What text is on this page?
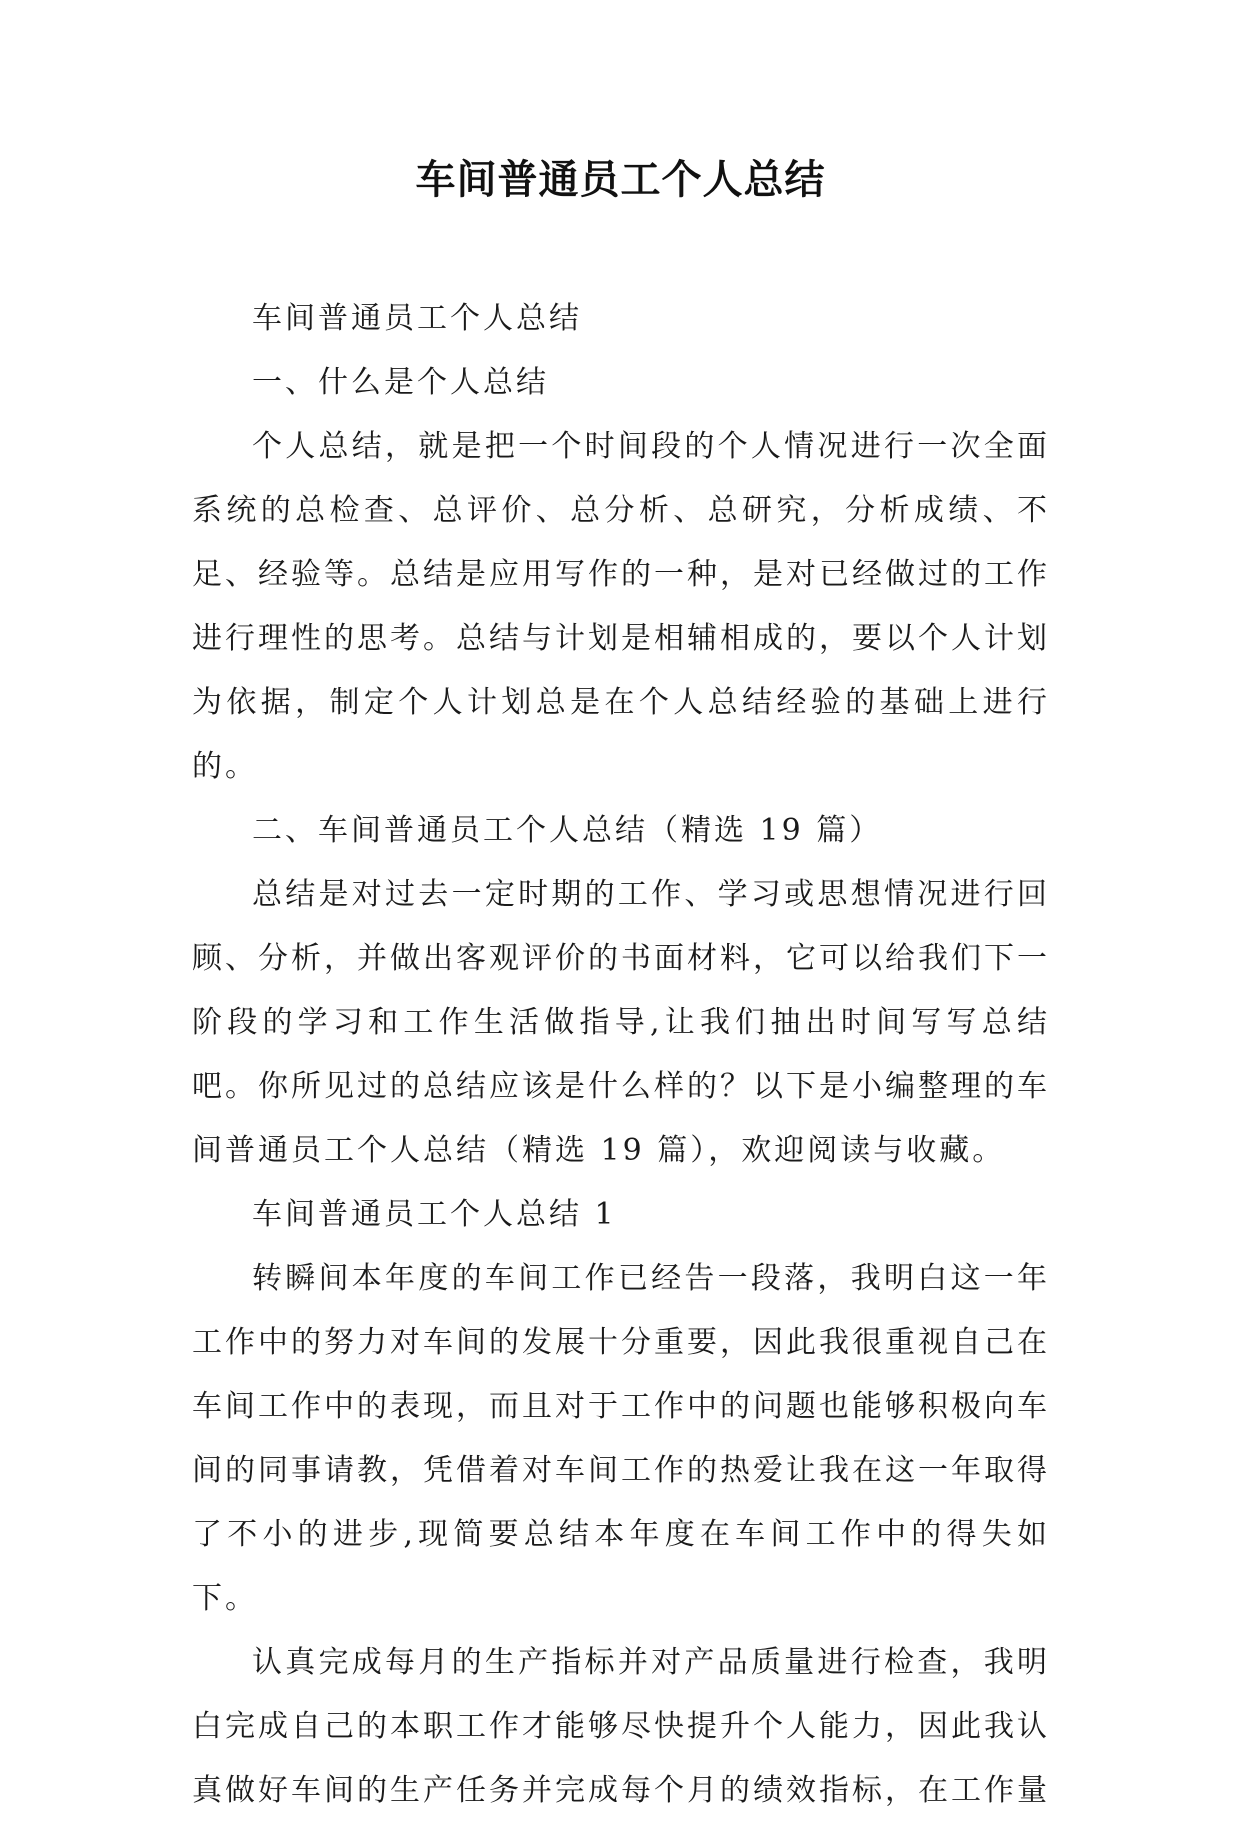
车间普通员工个人总结

车间普通员工个人总结

一、什么是个人总结

个人总结，就是把一个时间段的个人情况进行一次全面系统的总检查、总评价、总分析、总研究，分析成绩、不足、经验等。总结是应用写作的一种，是对已经做过的工作进行理性的思考。总结与计划是相辅相成的，要以个人计划为依据，制定个人计划总是在个人总结经验的基础上进行的。

二、车间普通员工个人总结（精选 19 篇）

总结是对过去一定时期的工作、学习或思想情况进行回顾、分析，并做出客观评价的书面材料，它可以给我们下一阶段的学习和工作生活做指导,让我们抽出时间写写总结吧。你所见过的总结应该是什么样的？以下是小编整理的车间普通员工个人总结（精选 19 篇），欢迎阅读与收藏。

车间普通员工个人总结 1

转瞬间本年度的车间工作已经告一段落，我明白这一年工作中的努力对车间的发展十分重要，因此我很重视自己在车间工作中的表现，而且对于工作中的问题也能够积极向车间的同事请教，凭借着对车间工作的热爱让我在这一年取得了不小的进步,现简要总结本年度在车间工作中的得失如下。

认真完成每月的生产指标并对产品质量进行检查，我明白完成自己的本职工作才能够尽快提升个人能力，因此我认真做好车间的生产任务并完成每个月的绩效指标，在工作量
